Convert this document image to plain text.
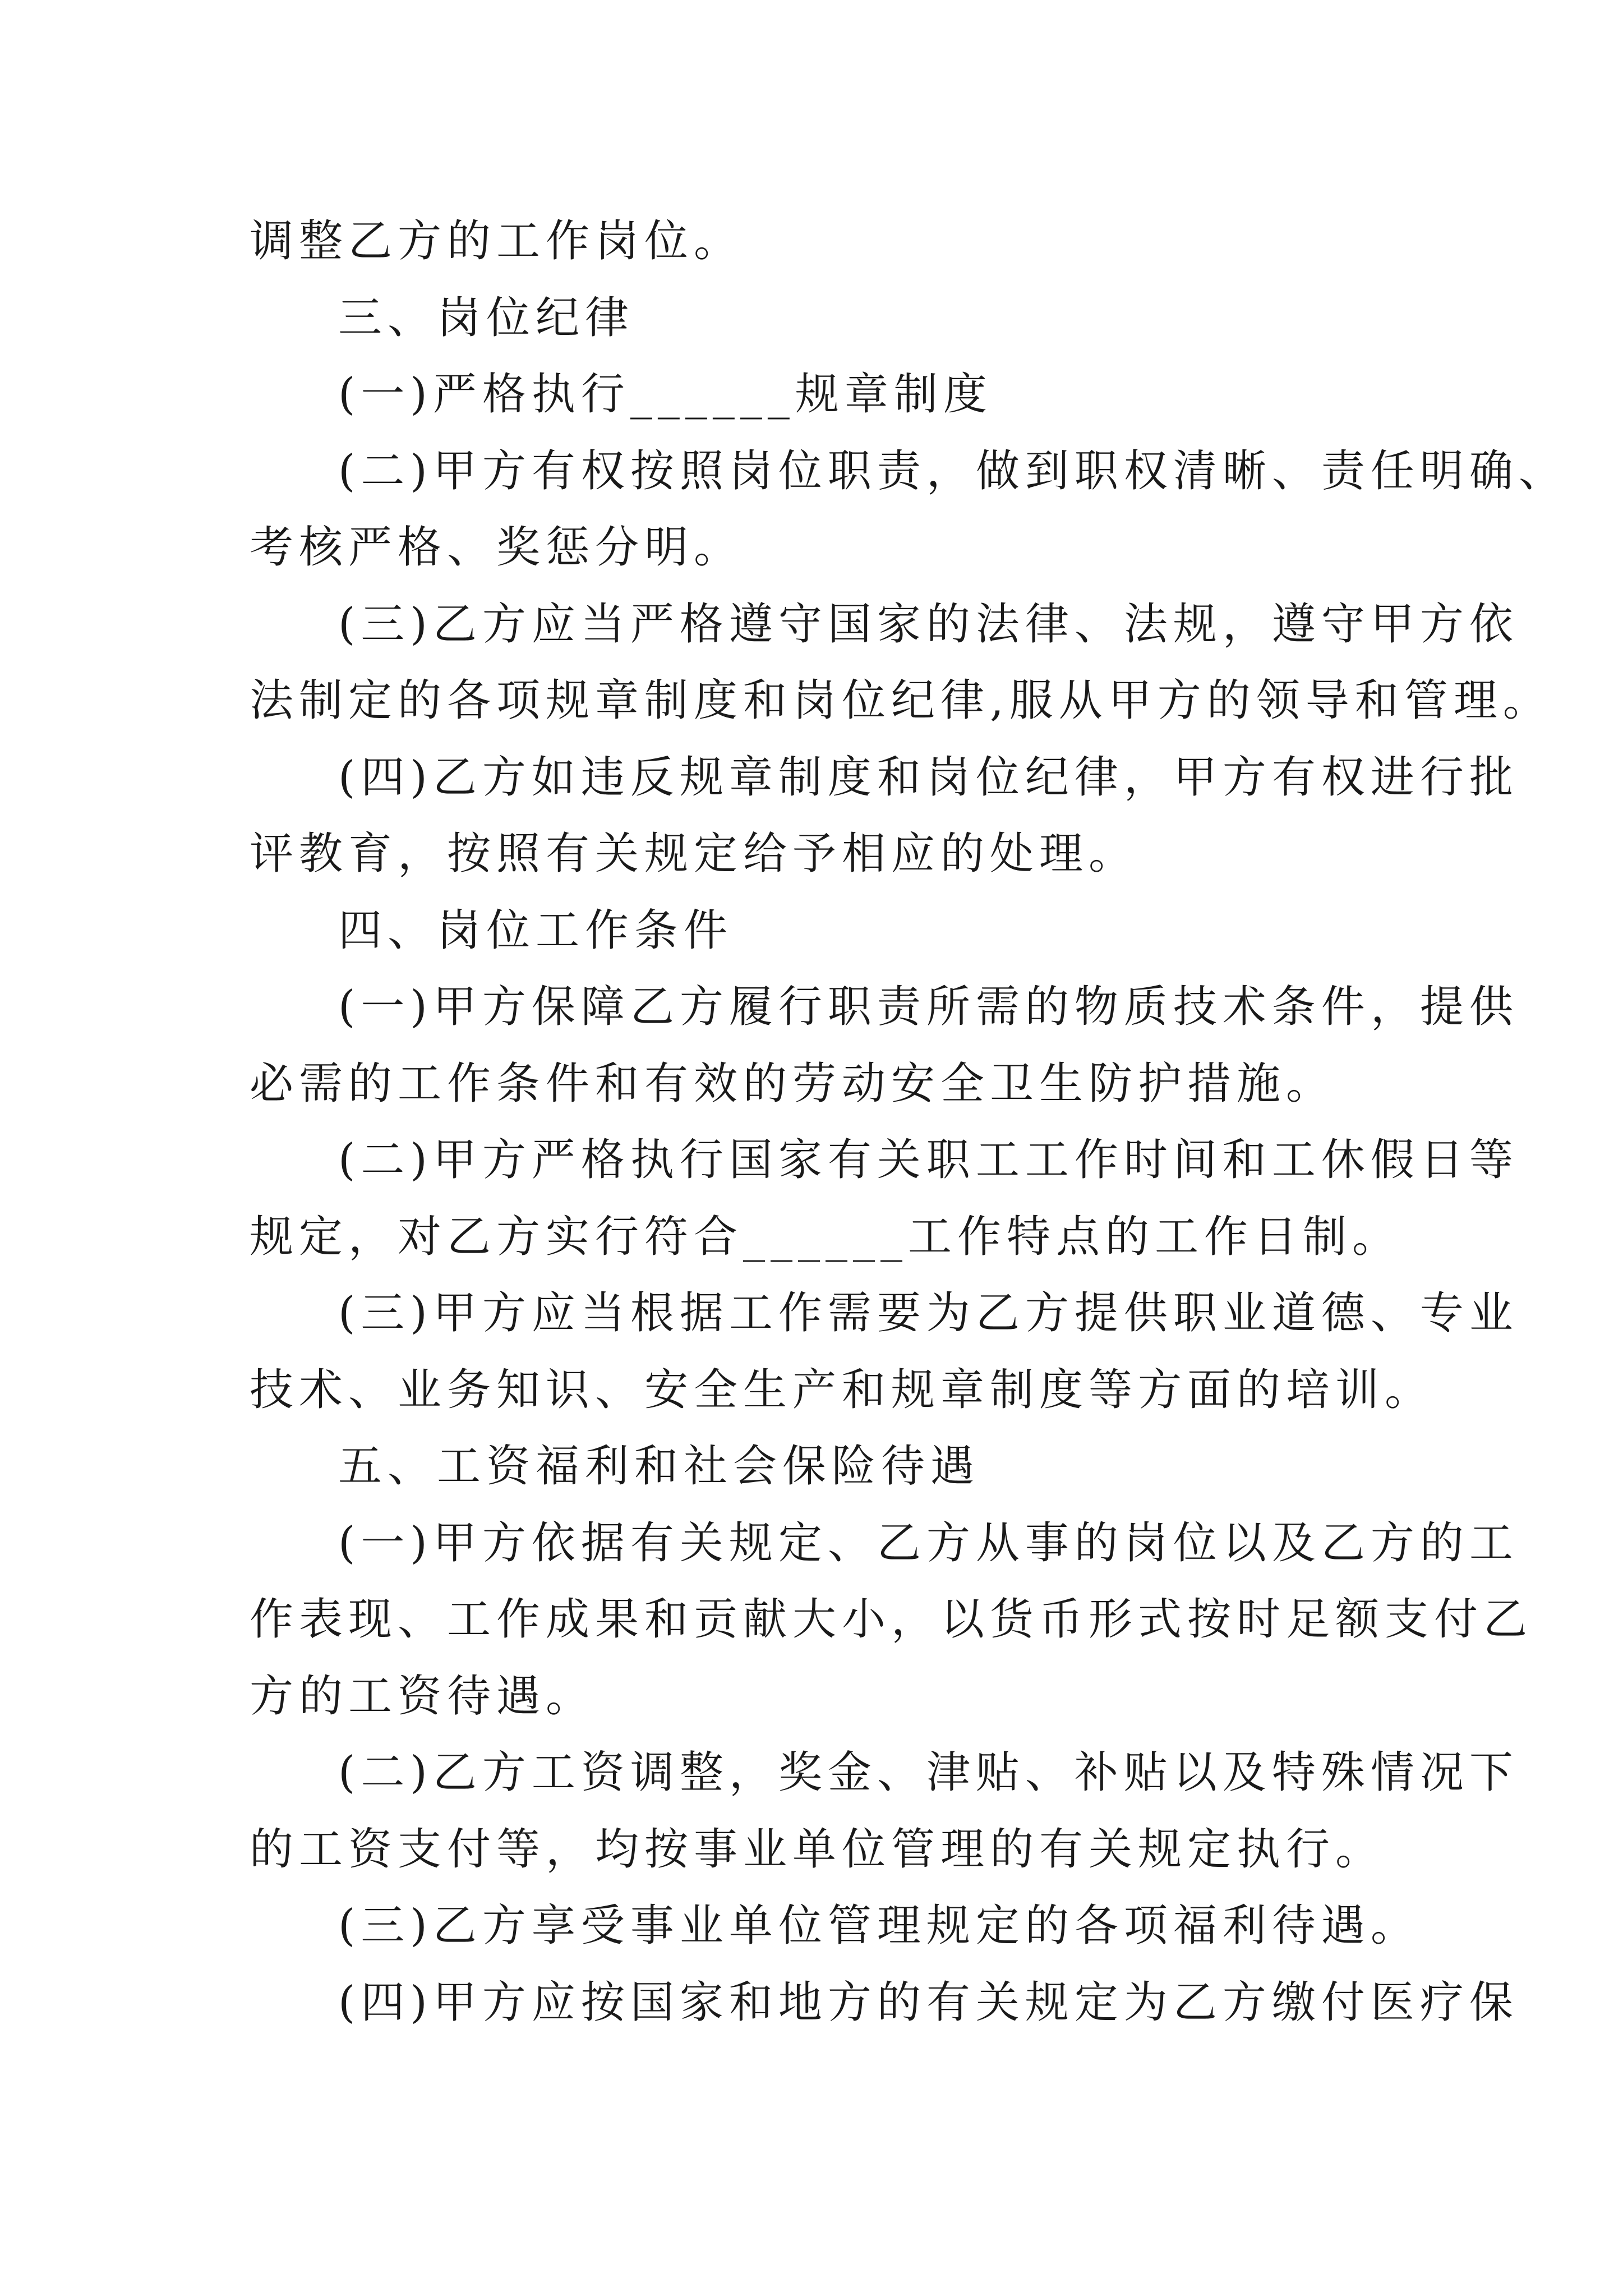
调整乙方的工作岗位。
三、岗位纪律
(一)严格执行______规章制度
(二)甲方有权按照岗位职责，做到职权清晰、责任明确、
考核严格、奖惩分明。
(三)乙方应当严格遵守国家的法律、法规，遵守甲方依
法制定的各项规章制度和岗位纪律,服从甲方的领导和管理。
(四)乙方如违反规章制度和岗位纪律，甲方有权进行批
评教育，按照有关规定给予相应的处理。
四、岗位工作条件
(一)甲方保障乙方履行职责所需的物质技术条件，提供
必需的工作条件和有效的劳动安全卫生防护措施。
(二)甲方严格执行国家有关职工工作时间和工休假日等
规定，对乙方实行符合______工作特点的工作日制。
(三)甲方应当根据工作需要为乙方提供职业道德、专业
技术、业务知识、安全生产和规章制度等方面的培训。
五、工资福利和社会保险待遇
(一)甲方依据有关规定、乙方从事的岗位以及乙方的工
作表现、工作成果和贡献大小，以货币形式按时足额支付乙
方的工资待遇。
(二)乙方工资调整，奖金、津贴、补贴以及特殊情况下
的工资支付等，均按事业单位管理的有关规定执行。
(三)乙方享受事业单位管理规定的各项福利待遇。
(四)甲方应按国家和地方的有关规定为乙方缴付医疗保
